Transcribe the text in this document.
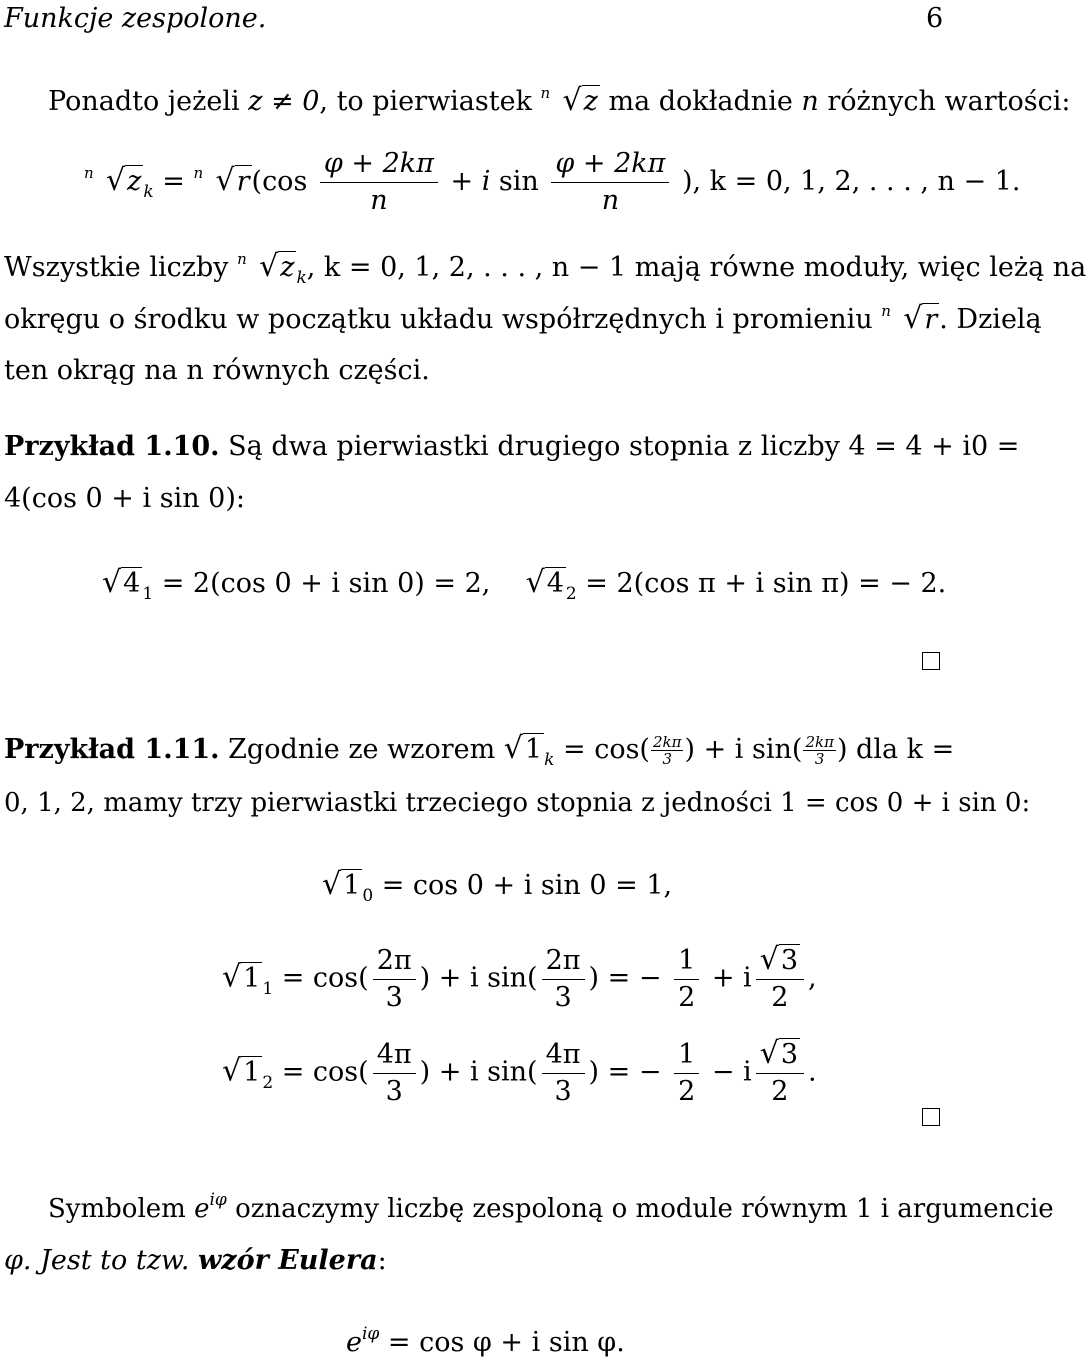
Funkcje zespolone.	6
Ponadto jeżeli z ≠ 0, to pierwiastek n √z ma dokładnie n różnych wartości:
n √z $_k$ = n $√r(\cos \frac{\varphi + 2k\pi}{n} + i$ $\sin \frac{\varphi + 2k\pi}{n}$ ), k = 0, 1, 2, . . . , n − 1.
Wszystkie liczby n √z $_k$, k = 0, 1, 2, . . . , n − 1 mają równe moduły, więc leżą na
okręgu o środku w początku układu współrzędnych i promieniu n √r. Dzielą
ten okrąg na n równych części.
Przykład 1.10. Są dwa pierwiastki drugiego stopnia z liczby 4 = 4 + i0 =
4(cos 0 + i sin 0):
√4 $_1$ = 2(cos 0 + i sin 0) = 2, √4 $_2$ = 2(cos π + i sin π) = − 2.
Przykład 1.11. Zgodnie ze wzorem √1 $_k = \cos( \frac{2k\pi}{3}$ ) + i $\sin( \frac{2k\pi}{3}$ ) dla k =
0, 1, 2, mamy trzy pierwiastki trzeciego stopnia z jedności 1 = cos 0 + i sin 0:
√1 $_0$ = cos 0 + i sin 0 = 1,
√1 $_1 = \cos( \frac{2\pi}{3}$ ) + i $\sin( \frac{2\pi}{3}$ ) = − $\frac{1}{2} + i \frac{√3}{2}$ ,
√1 $_2 = \cos( \frac{4\pi}{3}$ ) + i $\sin( \frac{4\pi}{3}$ ) = − $\frac{1}{2} - i \frac{√3}{2}$ .
Symbolem $e^{i\varphi}$ oznaczymy liczbę zespoloną o module równym 1 i argumencie
φ. Jest to tzw. wzór Eulera:
$e^{i\varphi} = \cos \varphi + i$ sin φ.
